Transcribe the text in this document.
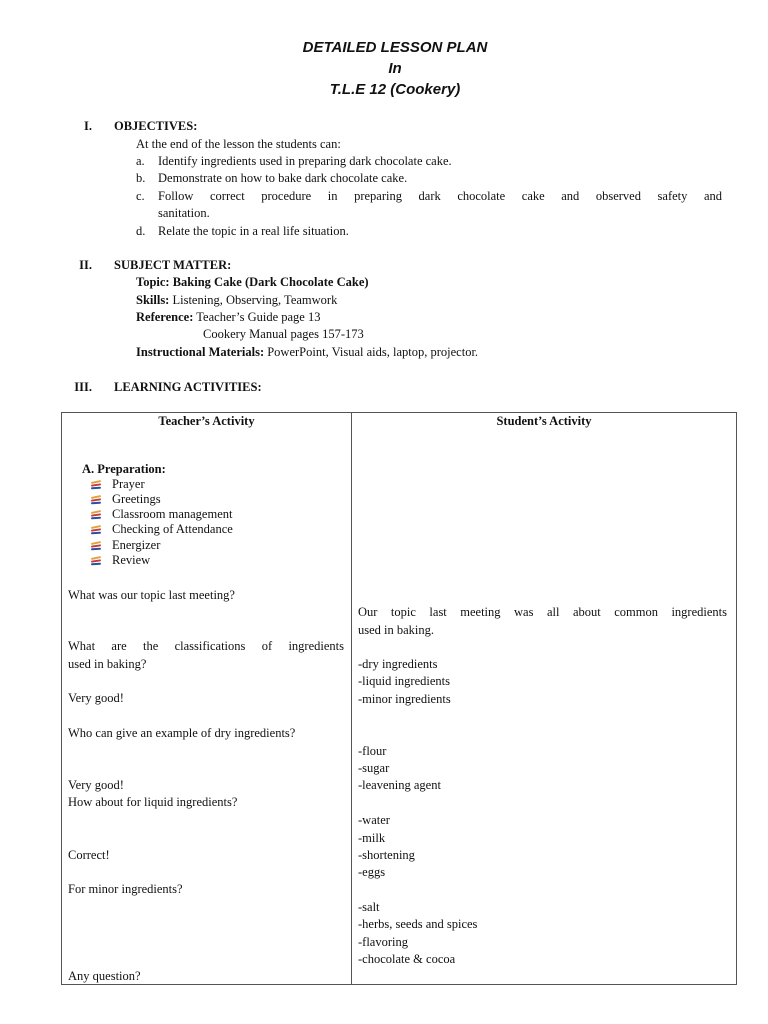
DETAILED LESSON PLAN
In
T.L.E 12 (Cookery)
I. OBJECTIVES:
At the end of the lesson the students can:
a. Identify ingredients used in preparing dark chocolate cake.
b. Demonstrate on how to bake dark chocolate cake.
c. Follow correct procedure in preparing dark chocolate cake and observed safety and
sanitation.
d. Relate the topic in a real life situation.
II. SUBJECT MATTER:
Topic: Baking Cake (Dark Chocolate Cake)
Skills: Listening, Observing, Teamwork
Reference: Teacher’s Guide page 13
Cookery Manual pages 157-173
Instructional Materials: PowerPoint, Visual aids, laptop, projector.
III. LEARNING ACTIVITIES:
Teacher’s Activity	Student’s Activity
A. Preparation:
Prayer
Greetings
Classroom management
Checking of Attendance
Energizer
Review
What was our topic last meeting?
What are the classifications of ingredients
used in baking?
Very good!
Who can give an example of dry ingredients?
Very good!
How about for liquid ingredients?
Correct!
For minor ingredients?
Any question?
Our topic last meeting was all about common ingredients
used in baking.
-dry ingredients
-liquid ingredients
-minor ingredients
-flour
-sugar
-leavening agent
-water
-milk
-shortening
-eggs
-salt
-herbs, seeds and spices
-flavoring
-chocolate & cocoa
